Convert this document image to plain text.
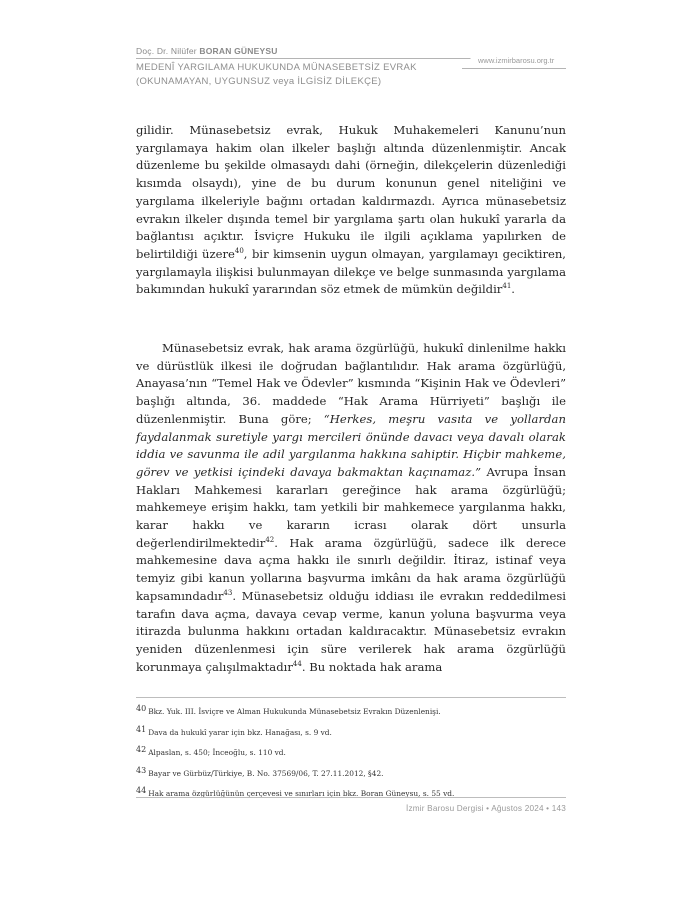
Doç. Dr. Nilüfer BORAN GÜNEYSU
www.izmirbarosu.org.tr
MEDENÎ YARGILAMA HUKUKUNDA MÜNASEBETSİZ EVRAK
(OKUNAMAYAN, UYGUNSUZ veya İLGİSİZ DİLEKÇE)

gilidir. Münasebetsiz evrak, Hukuk Muhakemeleri Kanunu’nun yargılamaya hakim olan ilkeler başlığı altında düzenlenmiştir. Ancak düzenleme bu şekilde olmasaydı dahi (örneğin, dilekçelerin düzenlediği kısımda olsaydı), yine de bu durum konunun genel niteliğini ve yargılama ilkeleriyle bağını ortadan kaldırmazdı. Ayrıca münasebetsiz evrakın ilkeler dışında temel bir yargılama şartı olan hukukî yararla da bağlantısı açıktır. İsviçre Hukuku ile ilgili açıklama yapılırken de belirtildiği üzere$^{40}$, bir kimsenin uygun olmayan, yargılamayı geciktiren, yargılamayla ilişkisi bulunmayan dilekçe ve belge sunmasında yargılama bakımından hukukî yararından söz etmek de mümkün değildir$^{41}$.

Münasebetsiz evrak, hak arama özgürlüğü, hukukî dinlenilme hakkı ve dürüstlük ilkesi ile doğrudan bağlantılıdır. Hak arama özgürlüğü, Anayasa’nın “Temel Hak ve Ödevler” kısmında “Kişinin Hak ve Ödevleri” başlığı altında, 36. maddede “Hak Arama Hürriyeti” başlığı ile düzenlenmiştir. Buna göre; “Herkes, meşru vasıta ve yollardan faydalanmak suretiyle yargı mercileri önünde davacı veya davalı olarak iddia ve savunma ile adil yargılanma hakkına sahiptir. Hiçbir mahkeme, görev ve yetkisi içindeki davaya bakmaktan kaçınamaz.” Avrupa İnsan Hakları Mahkemesi kararları gereğince hak arama özgürlüğü; mahkemeye erişim hakkı, tam yetkili bir mahkemece yargılanma hakkı, karar hakkı ve kararın icrası olarak dört unsurla değerlendirilmektedir$^{42}$. Hak arama özgürlüğü, sadece ilk derece mahkemesine dava açma hakkı ile sınırlı değildir. İtiraz, istinaf veya temyiz gibi kanun yollarına başvurma imkânı da hak arama özgürlüğü kapsamındadır$^{43}$. Münasebetsiz olduğu iddiası ile evrakın reddedilmesi tarafın dava açma, davaya cevap verme, kanun yoluna başvurma veya itirazda bulunma hakkını ortadan kaldıracaktır. Münasebetsiz evrakın yeniden düzenlenmesi için süre verilerek hak arama özgürlüğü korunmaya çalışılmaktadır$^{44}$. Bu noktada hak arama

40 Bkz. Yuk. III. İsviçre ve Alman Hukukunda Münasebetsiz Evrakın Düzenlenişi.
41 Dava da hukukî yarar için bkz. Hanağası, s. 9 vd.
42 Alpaslan, s. 450; İnceoğlu, s. 110 vd.
43 Bayar ve Gürbüz/Türkiye, B. No. 37569/06, T. 27.11.2012, §42.
44 Hak arama özgürlüğünün çerçevesi ve sınırları için bkz. Boran Güneysu, s. 55 vd.
İzmir Barosu Dergisi • Ağustos 2024 • 143
